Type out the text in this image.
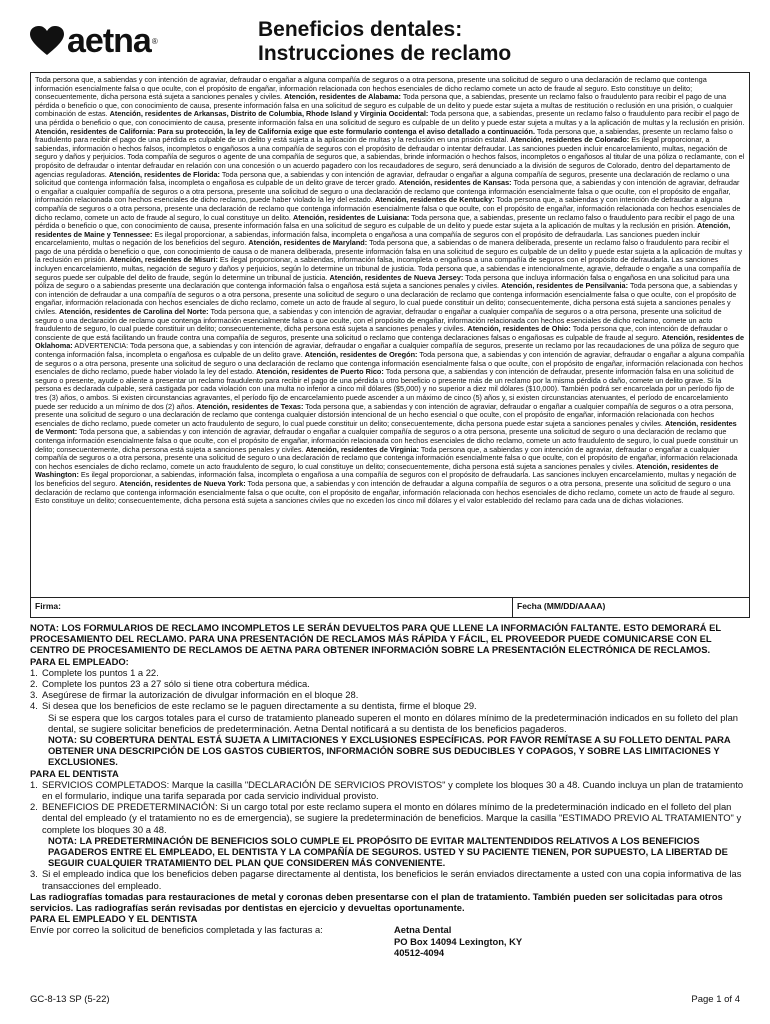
aetna ®	Beneficios dentales:
Instrucciones de reclamo
Toda persona que, a sabiendas y con intención de agraviar, defraudar o engañar a alguna compañía de seguros o a otra persona, presente una solicitud de seguro o una declaración de reclamo que contenga información esencialmente falsa o que oculte, con el propósito de engañar, información relacionada con hechos esenciales de dicho reclamo comete un acto de fraude al seguro. Esto constituye un delito; consecuentemente, dicha persona está sujeta a sanciones penales y civiles. Atención, residentes de Alabama: Toda persona que, a sabiendas, presente un reclamo falso o fraudulento para recibir el pago de una pérdida o beneficio o que, con conocimiento de causa, presente información falsa en una solicitud de seguro es culpable de un delito y puede estar sujeta a multas de restitución o reclusión en una prisión, o cualquier combinación de estas. Atención, residentes de Arkansas, Distrito de Columbia, Rhode Island y Virginia Occidental: Toda persona que, a sabiendas, presente un reclamo falso o fraudulento para recibir el pago de una pérdida o beneficio o que, con conocimiento de causa, presente información falsa en una solicitud de seguro es culpable de un delito y puede estar sujeta a multas y a la aplicación de multas y la reclusión en prisión. Atención, residentes de California: Para su protección, la ley de California exige que este formulario contenga el aviso detallado a continuación. Toda persona que, a sabiendas, presente un reclamo falso o fraudulento para recibir el pago de una pérdida es culpable de un delito y está sujeta a la aplicación de multas y la reclusión en una prisión estatal. Atención, residentes de Colorado: Es ilegal proporcionar, a sabiendas, información o hechos falsos, incompletos o engañosos a una compañía de seguros con el propósito de defraudar o intentar defraudar. Las sanciones pueden incluir encarcelamiento, multas, negación de seguro y daños y perjuicios. Toda compañía de seguros o agente de una compañía de seguros que, a sabiendas, brinde información o hechos falsos, incompletos o engañosos al titular de una póliza o reclamante, con el propósito de defraudar o intentar defraudar en relación con una concesión o un acuerdo pagadero con los recaudadores de seguro, será denunciado a la división de seguros de Colorado, dentro del departamento de agencias reguladoras. Atención, residentes de Florida: Toda persona que, a sabiendas y con intención de agraviar, defraudar o engañar a alguna compañía de seguros, presente una declaración de reclamo o una solicitud que contenga información falsa, incompleta o engañosa es culpable de un delito grave de tercer grado. Atención, residentes de Kansas: Toda persona que, a sabiendas y con intención de agraviar, defraudar o engañar a cualquier compañía de seguros o a otra persona, presente una solicitud de seguro o una declaración de reclamo que contenga información esencialmente falsa o que oculte, con el propósito de engañar, información relacionada con hechos esenciales de dicho reclamo, puede haber violado la ley del estado. Atención, residentes de Kentucky: Toda persona que, a sabiendas y con intención de defraudar a alguna compañía de seguros o a otra persona, presente una declaración de reclamo que contenga información esencialmente falsa o que oculte, con el propósito de engañar, información relacionada con hechos esenciales de dicho reclamo, comete un acto de fraude al seguro, lo cual constituye un delito. Atención, residentes de Luisiana: Toda persona que, a sabiendas, presente un reclamo falso o fraudulento para recibir el pago de una pérdida o beneficio o que, con conocimiento de causa, presente información falsa en una solicitud de seguro es culpable de un delito y puede estar sujeta a la aplicación de multas y la reclusión en prisión. Atención, residentes de Maine y Tennessee: Es ilegal proporcionar, a sabiendas, información falsa, incompleta o engañosa a una compañía de seguros con el propósito de defraudarla. Las sanciones pueden incluir encarcelamiento, multas o negación de los beneficios del seguro. Atención, residentes de Maryland: Toda persona que, a sabiendas o de manera deliberada, presente un reclamo falso o fraudulento para recibir el pago de una pérdida o beneficio o que, con conocimiento de causa o de manera deliberada, presente información falsa en una solicitud de seguro es culpable de un delito y puede estar sujeta a la aplicación de multas y la reclusión en prisión. Atención, residentes de Misuri: Es ilegal proporcionar, a sabiendas, información falsa, incompleta o engañosa a una compañía de seguros con el propósito de defraudarla. Las sanciones incluyen encarcelamiento, multas, negación de seguro y daños y perjuicios, según lo determine un tribunal de justicia. Toda persona que, a sabiendas e intencionalmente, agravie, defraude o engañe a una compañía de seguros puede ser culpable del delito de fraude, según lo determine un tribunal de justicia. Atención, residentes de Nueva Jersey: Toda persona que incluya información falsa o engañosa en una solicitud para una póliza de seguro o a sabiendas presente una declaración que contenga información falsa o engañosa está sujeta a sanciones penales y civiles. Atención, residentes de Pensilvania: Toda persona que, a sabiendas y con intención de defraudar a una compañía de seguros o a otra persona, presente una solicitud de seguro o una declaración de reclamo que contenga información esencialmente falsa o que oculte, con el propósito de engañar, información relacionada con hechos esenciales de dicho reclamo, comete un acto de fraude al seguro, lo cual puede constituir un delito; consecuentemente, dicha persona está sujeta a sanciones penales y civiles. Atención, residentes de Carolina del Norte: Toda persona que, a sabiendas y con intención de agraviar, defraudar o engañar a cualquier compañía de seguros o a otra persona, presente una solicitud de seguro o una declaración de reclamo que contenga información esencialmente falsa o que oculte, con el propósito de engañar, información relacionada con hechos esenciales de dicho reclamo, comete un acto fraudulento de seguro, lo cual puede constituir un delito; consecuentemente, dicha persona está sujeta a sanciones penales y civiles. Atención, residentes de Ohio: Toda persona que, con intención de defraudar o consciente de que está facilitando un fraude contra una compañía de seguros, presente una solicitud o reclamo que contenga declaraciones falsas o engañosas es culpable de fraude al seguro. Atención, residentes de Oklahoma: ADVERTENCIA: Toda persona que, a sabiendas y con intención de agraviar, defraudar o engañar a cualquier compañía de seguros, presente un reclamo por las recaudaciones de una póliza de seguro que contenga información falsa, incompleta o engañosa es culpable de un delito grave. Atención, residentes de Oregón: Toda persona que, a sabiendas y con intención de agraviar, defraudar o engañar a alguna compañía de seguros o a otra persona, presente una solicitud de seguro o una declaración de reclamo que contenga información esencialmente falsa o que oculte, con el propósito de engañar, información relacionada con hechos esenciales de dicho reclamo, puede haber violado la ley del estado. Atención, residentes de Puerto Rico: Toda persona que, a sabiendas y con intención de defraudar, presente información falsa en una solicitud de seguro o presente, ayude o aliente a presentar un reclamo fraudulento para recibir el pago de una pérdida u otro beneficio o presente más de un reclamo por la misma pérdida o daño, comete un delito grave. Si la persona es declarada culpable, será castigada por cada violación con una multa no inferior a cinco mil dólares ($5,000) y no superior a diez mil dólares ($10,000). También podrá ser encarcelada por un período fijo de tres (3) años, o ambos. Si existen circunstancias agravantes, el período fijo de encarcelamiento puede ascender a un máximo de cinco (5) años y, si existen circunstancias atenuantes, el período de encarcelamiento puede ser reducido a un mínimo de dos (2) años. Atención, residentes de Texas: Toda persona que, a sabiendas y con intención de agraviar, defraudar o engañar a cualquier compañía de seguros o a otra persona, presente una solicitud de seguro o una declaración de reclamo que contenga cualquier distorsión intencional de un hecho esencial o que oculte, con el propósito de engañar, información relacionada con hechos esenciales de dicho reclamo, puede cometer un acto fraudulento de seguro, lo cual puede constituir un delito; consecuentemente, dicha persona puede estar sujeta a sanciones penales y civiles. Atención, residentes de Vermont: Toda persona que, a sabiendas y con intención de agraviar, defraudar o engañar a cualquier compañía de seguros o a otra persona, presente una solicitud de seguro o una declaración de reclamo que contenga información esencialmente falsa o que oculte, con el propósito de engañar, información relacionada con hechos esenciales de dicho reclamo, comete un acto fraudulento de seguro, lo cual puede constituir un delito; consecuentemente, dicha persona está sujeta a sanciones penales y civiles. Atención, residentes de Virginia: Toda persona que, a sabiendas y con intención de agraviar, defraudar o engañar a cualquier compañía de seguros o a otra persona, presente una solicitud de seguro o una declaración de reclamo que contenga información esencialmente falsa o que oculte, con el propósito de engañar, información relacionada con hechos esenciales de dicho reclamo, comete un acto fraudulento de seguro, lo cual constituye un delito; consecuentemente, dicha persona está sujeta a sanciones penales y civiles. Atención, residentes de Washington: Es ilegal proporcionar, a sabiendas, información falsa, incompleta o engañosa a una compañía de seguros con el propósito de defraudarla. Las sanciones incluyen encarcelamiento, multas y negación de los beneficios del seguro. Atención, residentes de Nueva York: Toda persona que, a sabiendas y con intención de defraudar a alguna compañía de seguros o a otra persona, presente una solicitud de seguro o una declaración de reclamo que contenga información esencialmente falsa o que oculte, con el propósito de engañar, información relacionada con hechos esenciales de dicho reclamo, comete un acto de fraude al seguro. Esto constituye un delito; consecuentemente, dicha persona está sujeta a sanciones civiles que no exceden los cinco mil dólares y el valor establecido del reclamo para cada una de dichas violaciones.
Firma:	Fecha (MM/DD/AAAA)

NOTA: LOS FORMULARIOS DE RECLAMO INCOMPLETOS LE SERÁN DEVUELTOS PARA QUE LLENE LA INFORMACIÓN FALTANTE. ESTO DEMORARÁ EL PROCESAMIENTO DEL RECLAMO. PARA UNA PRESENTACIÓN DE RECLAMOS MÁS RÁPIDA Y FÁCIL, EL PROVEEDOR PUEDE COMUNICARSE CON EL CENTRO DE PROCESAMIENTO DE RECLAMOS DE AETNA PARA OBTENER INFORMACIÓN SOBRE LA PRESENTACIÓN ELECTRÓNICA DE RECLAMOS.

PARA EL EMPLEADO:

1. Complete los puntos 1 a 22.
2. Complete los puntos 23 a 27 sólo si tiene otra cobertura médica.
3. Asegúrese de firmar la autorización de divulgar información en el bloque 28.
4. Si desea que los beneficios de este reclamo se le paguen directamente a su dentista, firme el bloque 29.

Si se espera que los cargos totales para el curso de tratamiento planeado superen el monto en dólares mínimo de la predeterminación indicados en su folleto del plan dental, se sugiere solicitar beneficios de predeterminación. Aetna Dental notificará a su dentista de los beneficios pagaderos.

NOTA: SU COBERTURA DENTAL ESTÁ SUJETA A LIMITACIONES Y EXCLUSIONES ESPECÍFICAS. POR FAVOR REMÍTASE A SU FOLLETO DENTAL PARA OBTENER UNA DESCRIPCIÓN DE LOS GASTOS CUBIERTOS, INFORMACIÓN SOBRE SUS DEDUCIBLES Y COPAGOS, Y SOBRE LAS LIMITACIONES Y EXCLUSIONES.

PARA EL DENTISTA

1. SERVICIOS COMPLETADOS: Marque la casilla "DECLARACIÓN DE SERVICIOS PROVISTOS" y complete los bloques 30 a 48. Cuando incluya un plan de tratamiento en el formulario, indique una tarifa separada por cada servicio individual provisto.
2. BENEFICIOS DE PREDETERMINACIÓN: Si un cargo total por este reclamo supera el monto en dólares mínimo de la predeterminación indicado en el folleto del plan dental del empleado (y el tratamiento no es de emergencia), se sugiere la predeterminación de beneficios. Marque la casilla "ESTIMADO PREVIO AL TRATAMIENTO" y complete los bloques 30 a 48.

NOTA: LA PREDETERMINACIÓN DE BENEFICIOS SOLO CUMPLE EL PROPÓSITO DE EVITAR MALTENTENDIDOS RELATIVOS A LOS BENEFICIOS PAGADEROS ENTRE EL EMPLEADO, EL DENTISTA Y LA COMPAÑÍA DE SEGUROS. USTED Y SU PACIENTE TIENEN, POR SUPUESTO, LA LIBERTAD DE SEGUIR CUALQUIER TRATAMIENTO DEL PLAN QUE CONSIDEREN MÁS CONVENIENTE.

3. Si el empleado indica que los beneficios deben pagarse directamente al dentista, los beneficios le serán enviados directamente a usted con una copia informativa de las transacciones del empleado.

Las radiografías tomadas para restauraciones de metal y coronas deben presentarse con el plan de tratamiento. También pueden ser solicitadas para otros servicios. Las radiografías serán revisadas por dentistas en ejercicio y devueltas oportunamente.

PARA EL EMPLEADO Y EL DENTISTA

Envíe por correo la solicitud de beneficios completada y las facturas a:	Aetna Dental
PO Box 14094 Lexington, KY
40512-4094
GC-8-13 SP (5-22)	Page 1 of 4
